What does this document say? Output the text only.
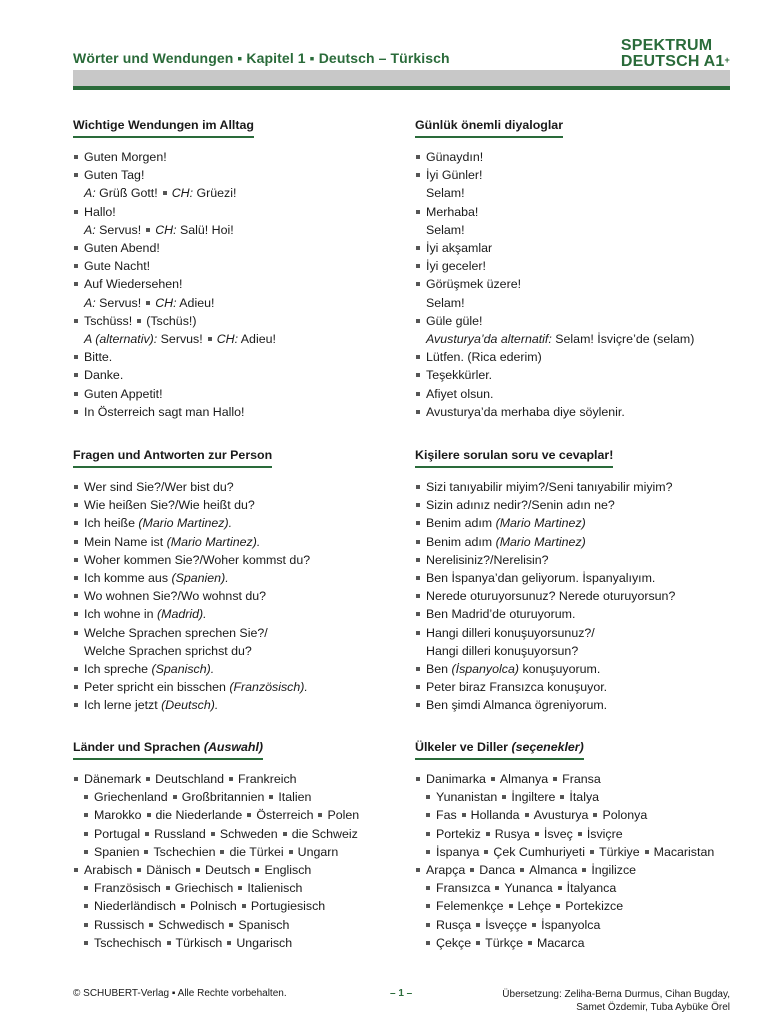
Wörter und Wendungen ▪ Kapitel 1 ▪ Deutsch – Türkisch
SPEKTRUM
DEUTSCH A1+
Wichtige Wendungen im Alltag
Guten Morgen!
Guten Tag!
A: Grüß Gott! CH: Grüezi!
Hallo!
A: Servus! CH: Salü! Hoi!
Guten Abend!
Gute Nacht!
Auf Wiedersehen!
A: Servus! CH: Adieu!
Tschüss! (Tschüs!)
A (alternativ): Servus! CH: Adieu!
Bitte.
Danke.
Guten Appetit!
In Österreich sagt man Hallo!
Günlük önemli diyaloglar
Günaydın!
İyi Günler!
Selam!
Merhaba!
Selam!
İyi akşamlar
İyi geceler!
Görüşmek üzere!
Selam!
Güle güle!
Avusturya’da alternatif: Selam! İsviçre’de (selam)
Lütfen. (Rica ederim)
Teşekkürler.
Afiyet olsun.
Avusturya’da merhaba diye söylenir.
Fragen und Antworten zur Person
Wer sind Sie?/Wer bist du?
Wie heißen Sie?/Wie heißt du?
Ich heiße (Mario Martinez).
Mein Name ist (Mario Martinez).
Woher kommen Sie?/Woher kommst du?
Ich komme aus (Spanien).
Wo wohnen Sie?/Wo wohnst du?
Ich wohne in (Madrid).
Welche Sprachen sprechen Sie?/
Welche Sprachen sprichst du?
Ich spreche (Spanisch).
Peter spricht ein bisschen (Französisch).
Ich lerne jetzt (Deutsch).
Kişilere sorulan soru ve cevaplar!
Sizi tanıyabilir miyim?/Seni tanıyabilir miyim?
Sizin adınız nedir?/Senin adın ne?
Benim adım (Mario Martinez)
Benim adım (Mario Martinez)
Nerelisiniz?/Nerelisin?
Ben İspanya’dan geliyorum. İspanyalıyım.
Nerede oturuyorsunuz? Nerede oturuyorsun?
Ben Madrid’de oturuyorum.
Hangi dilleri konuşuyorsunuz?/
Hangi dilleri konuşuyorsun?
Ben (İspanyolca) konuşuyorum.
Peter biraz Fransızca konuşuyor.
Ben şimdi Almanca ögreniyorum.
Länder und Sprachen (Auswahl)
Dänemark Deutschland Frankreich
Griechenland Großbritannien Italien
Marokko die Niederlande Österreich Polen
Portugal Russland Schweden die Schweiz
Spanien Tschechien die Türkei Ungarn
Arabisch Dänisch Deutsch Englisch
Französisch Griechisch Italienisch
Niederländisch Polnisch Portugiesisch
Russisch Schwedisch Spanisch
Tschechisch Türkisch Ungarisch
Ülkeler ve Diller (seçenekler)
Danimarka Almanya Fransa
Yunanistan İngiltere İtalya
Fas Hollanda Avusturya Polonya
Portekiz Rusya İsveç İsviçre
İspanya Çek Cumhuriyeti Türkiye Macaristan
Arapça Danca Almanca İngilizce
Fransızca Yunanca İtalyanca
Felemenkçe Lehçe Portekizce
Rusça İsveççe İspanyolca
Çekçe Türkçe Macarca
© SCHUBERT-Verlag ▪ Alle Rechte vorbehalten.	– 1 –	Übersetzung: Zeliha-Berna Durmus, Cihan Bugday,
Samet Özdemir, Tuba Aybüke Örel
